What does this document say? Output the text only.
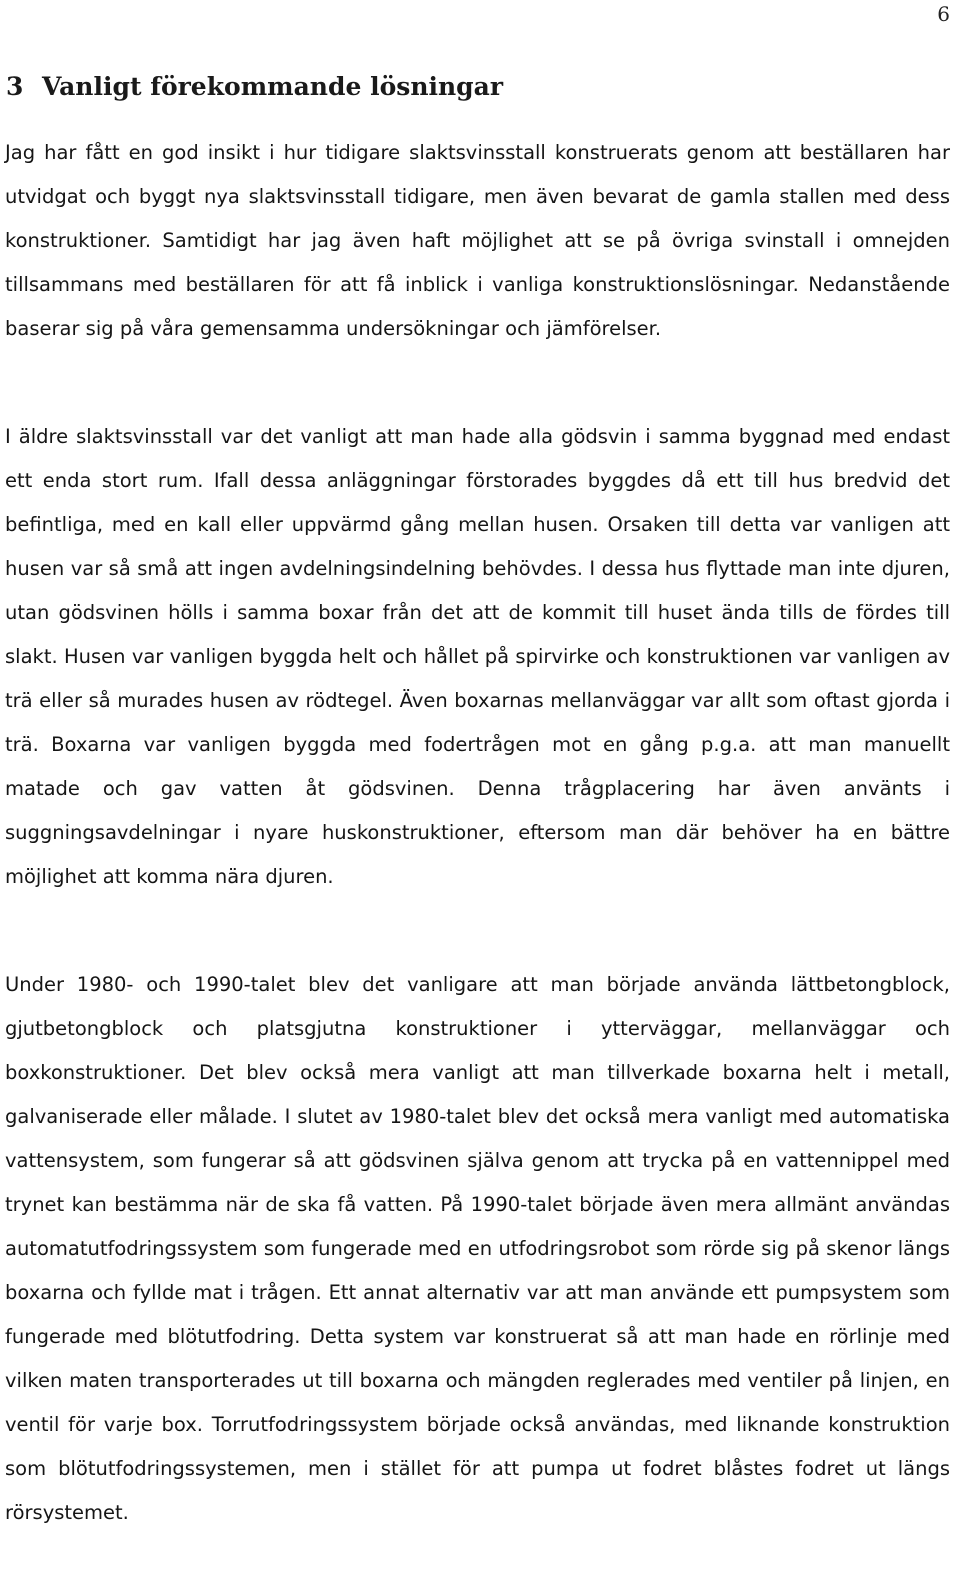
6
3 Vanligt förekommande lösningar

Jag har fått en god insikt i hur tidigare slaktsvinsstall konstruerats genom att beställaren har utvidgat och byggt nya slaktsvinsstall tidigare, men även bevarat de gamla stallen med dess konstruktioner. Samtidigt har jag även haft möjlighet att se på övriga svinstall i omnejden tillsammans med beställaren för att få inblick i vanliga konstruktionslösningar. Nedanstående baserar sig på våra gemensamma undersökningar och jämförelser.

I äldre slaktsvinsstall var det vanligt att man hade alla gödsvin i samma byggnad med endast ett enda stort rum. Ifall dessa anläggningar förstorades byggdes då ett till hus bredvid det befintliga, med en kall eller uppvärmd gång mellan husen. Orsaken till detta var vanligen att husen var så små att ingen avdelningsindelning behövdes. I dessa hus flyttade man inte djuren, utan gödsvinen hölls i samma boxar från det att de kommit till huset ända tills de fördes till slakt. Husen var vanligen byggda helt och hållet på spirvirke och konstruktionen var vanligen av trä eller så murades husen av rödtegel. Även boxarnas mellanväggar var allt som oftast gjorda i trä. Boxarna var vanligen byggda med fodertrågen mot en gång p.g.a. att man manuellt matade och gav vatten åt gödsvinen. Denna trågplacering har även använts i suggningsavdelningar i nyare huskonstruktioner, eftersom man där behöver ha en bättre möjlighet att komma nära djuren.

Under 1980- och 1990-talet blev det vanligare att man började använda lättbetongblock, gjutbetongblock och platsgjutna konstruktioner i ytterväggar, mellanväggar och boxkonstruktioner. Det blev också mera vanligt att man tillverkade boxarna helt i metall, galvaniserade eller målade. I slutet av 1980-talet blev det också mera vanligt med automatiska vattensystem, som fungerar så att gödsvinen själva genom att trycka på en vattennippel med trynet kan bestämma när de ska få vatten. På 1990-talet började även mera allmänt användas automatutfodringssystem som fungerade med en utfodringsrobot som rörde sig på skenor längs boxarna och fyllde mat i trågen. Ett annat alternativ var att man använde ett pumpsystem som fungerade med blötutfodring. Detta system var konstruerat så att man hade en rörlinje med vilken maten transporterades ut till boxarna och mängden reglerades med ventiler på linjen, en ventil för varje box. Torrutfodringssystem började också användas, med liknande konstruktion som blötutfodringssystemen, men i stället för att pumpa ut fodret blåstes fodret ut längs rörsystemet.
